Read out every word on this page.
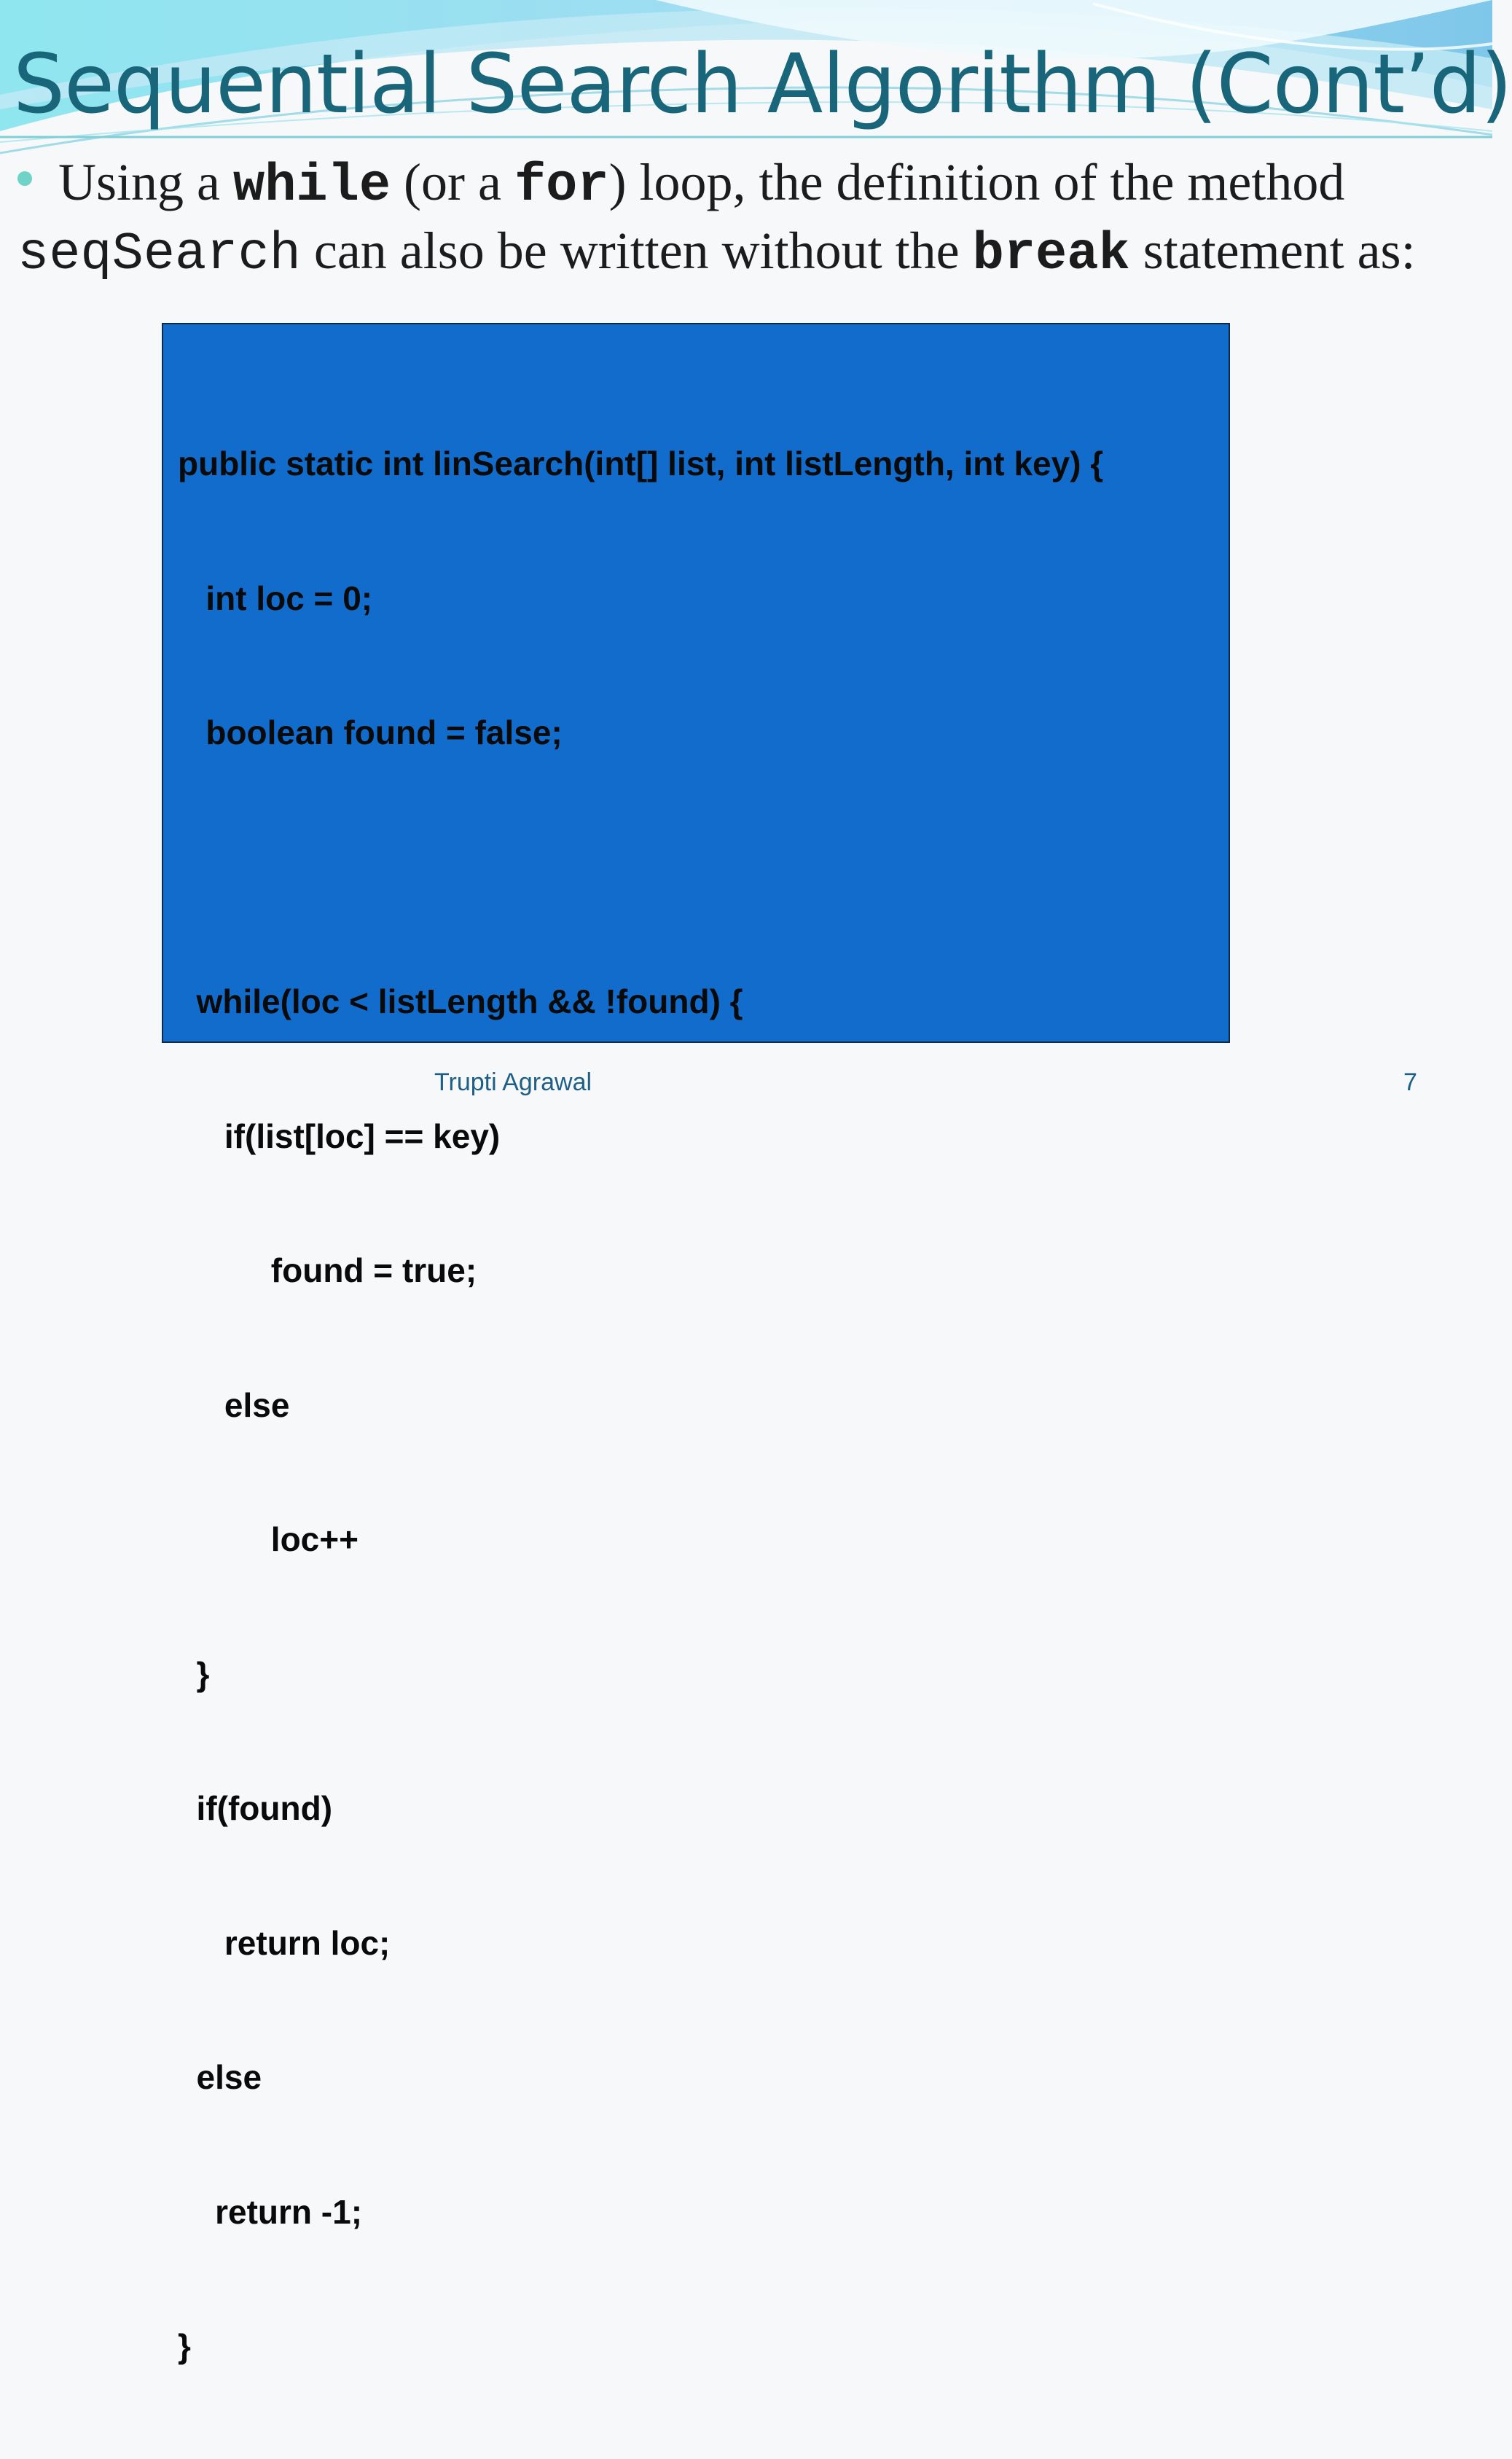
Sequential Search Algorithm (Cont’d)
Using a while (or a for) loop, the definition of the method
seqSearch can also be written without the break statement as:

public static int linSearch(int[] list, int listLength, int key) {

int loc = 0;

boolean found = false;

while(loc < listLength && !found) {

if(list[loc] == key)

found = true;

else

loc++

}

if(found)

return loc;

else

return -1;

}

Trupti Agrawal	7
